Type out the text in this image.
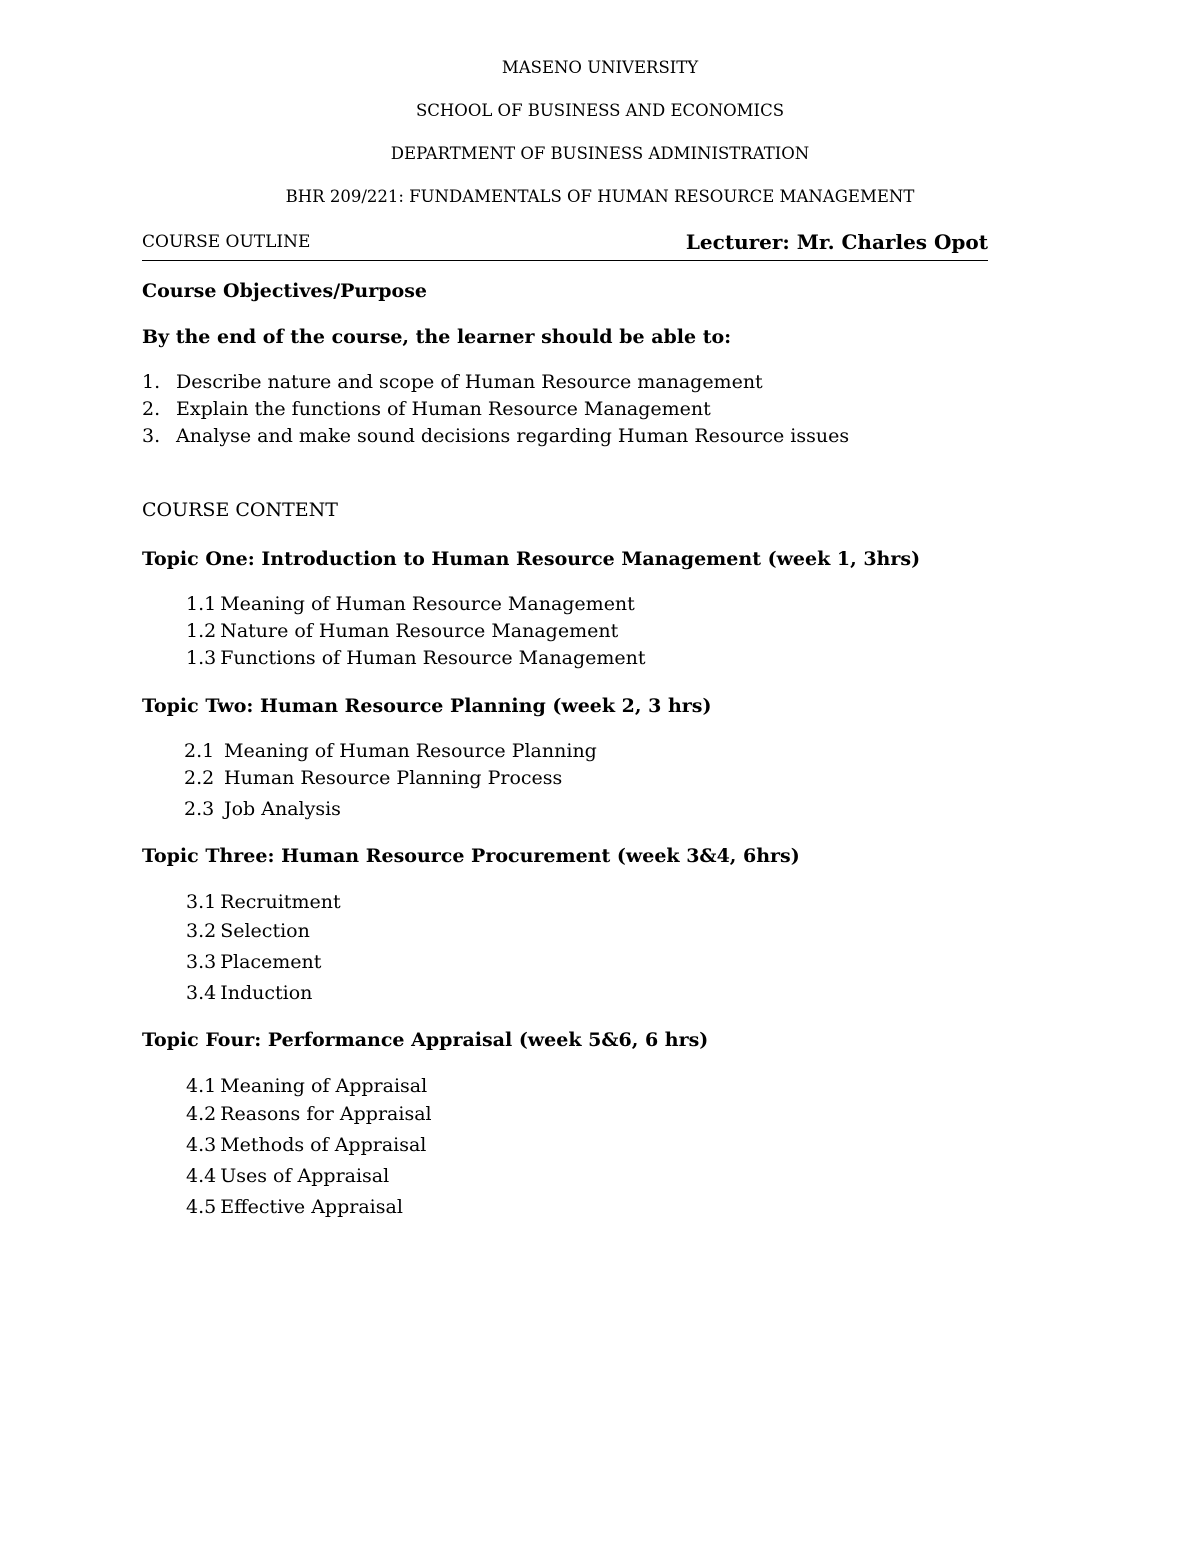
MASENO UNIVERSITY
SCHOOL OF BUSINESS AND ECONOMICS
DEPARTMENT OF BUSINESS ADMINISTRATION
BHR 209/221: FUNDAMENTALS OF HUMAN RESOURCE MANAGEMENT
COURSE OUTLINE	Lecturer: Mr. Charles Opot
Course Objectives/Purpose
By the end of the course, the learner should be able to:
1. Describe nature and scope of Human Resource management
2. Explain the functions of Human Resource Management
3. Analyse and make sound decisions regarding Human Resource issues
COURSE CONTENT
Topic One: Introduction to Human Resource Management (week 1, 3hrs)
1.1 Meaning of Human Resource Management
1.2 Nature of Human Resource Management
1.3 Functions of Human Resource Management
Topic Two: Human Resource Planning (week 2, 3 hrs)
2.1 Meaning of Human Resource Planning
2.2 Human Resource Planning Process
2.3 Job Analysis
Topic Three: Human Resource Procurement (week 3&4, 6hrs)
3.1 Recruitment
3.2 Selection
3.3 Placement
3.4 Induction
Topic Four: Performance Appraisal (week 5&6, 6 hrs)
4.1 Meaning of Appraisal
4.2 Reasons for Appraisal
4.3 Methods of Appraisal
4.4 Uses of Appraisal
4.5 Effective Appraisal
